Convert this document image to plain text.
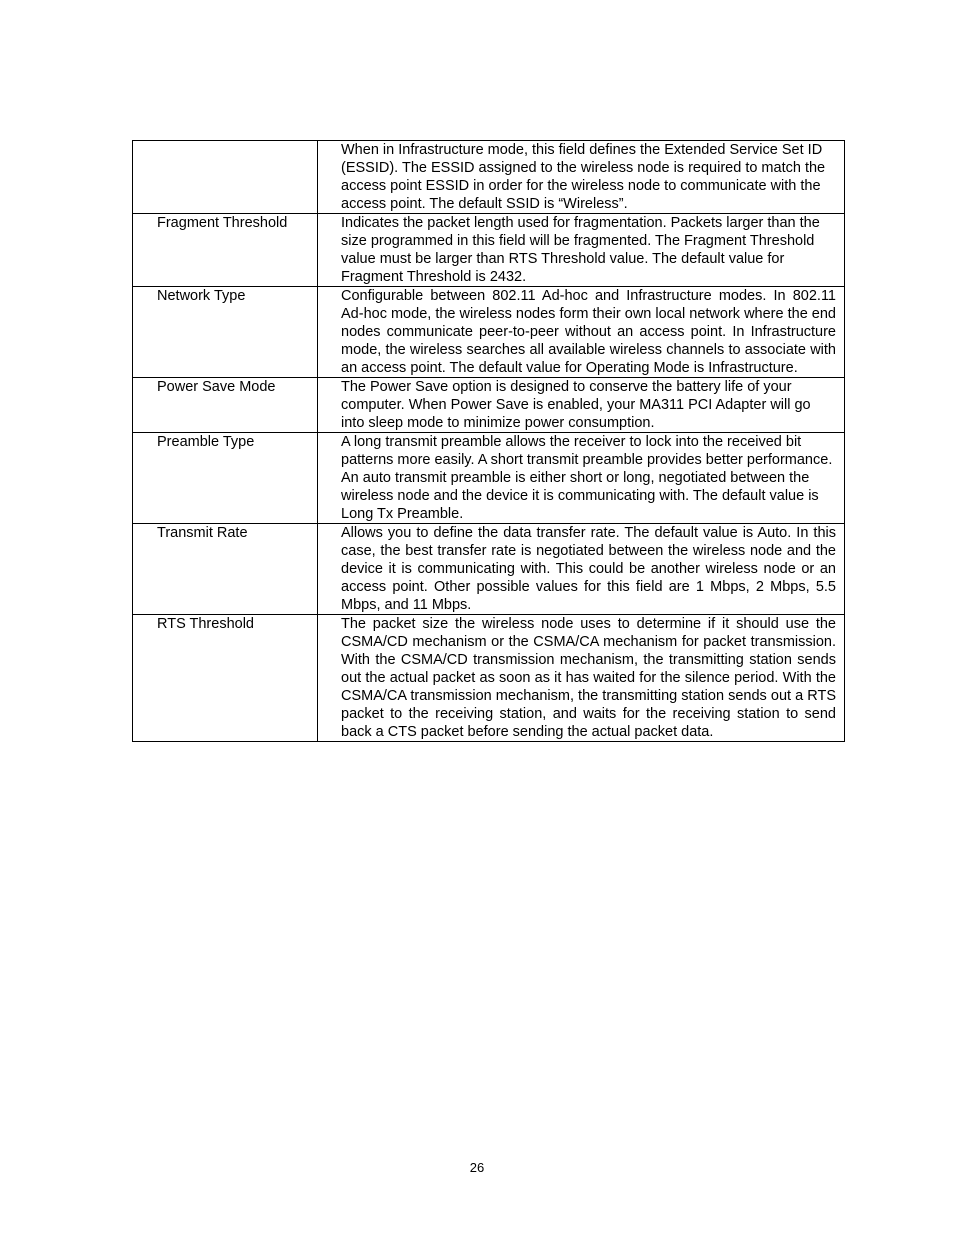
	When in Infrastructure mode, this field defines the Extended Service Set ID (ESSID). The ESSID assigned to the wireless node is required to match the access point ESSID in order for the wireless node to communicate with the access point. The default SSID is “Wireless”.
Fragment Threshold	Indicates the packet length used for fragmentation. Packets larger than the size programmed in this field will be fragmented. The Fragment Threshold value must be larger than RTS Threshold value. The default value for Fragment Threshold is 2432.
Network Type	Configurable between 802.11 Ad-hoc and Infrastructure modes. In 802.11 Ad-hoc mode, the wireless nodes form their own local network where the end nodes communicate peer-to-peer without an access point. In Infrastructure mode, the wireless searches all available wireless channels to associate with an access point. The default value for Operating Mode is Infrastructure.
Power Save Mode	The Power Save option is designed to conserve the battery life of your computer. When Power Save is enabled, your MA311 PCI Adapter will go into sleep mode to minimize power consumption.
Preamble Type	A long transmit preamble allows the receiver to lock into the received bit patterns more easily. A short transmit preamble provides better performance. An auto transmit preamble is either short or long, negotiated between the wireless node and the device it is communicating with. The default value is Long Tx Preamble.
Transmit Rate	Allows you to define the data transfer rate. The default value is Auto. In this case, the best transfer rate is negotiated between the wireless node and the device it is communicating with. This could be another wireless node or an access point. Other possible values for this field are 1 Mbps, 2 Mbps, 5.5 Mbps, and 11 Mbps.
RTS Threshold	The packet size the wireless node uses to determine if it should use the CSMA/CD mechanism or the CSMA/CA mechanism for packet transmission. With the CSMA/CD transmission mechanism, the transmitting station sends out the actual packet as soon as it has waited for the silence period. With the CSMA/CA transmission mechanism, the transmitting station sends out a RTS packet to the receiving station, and waits for the receiving station to send back a CTS packet before sending the actual packet data.
26
